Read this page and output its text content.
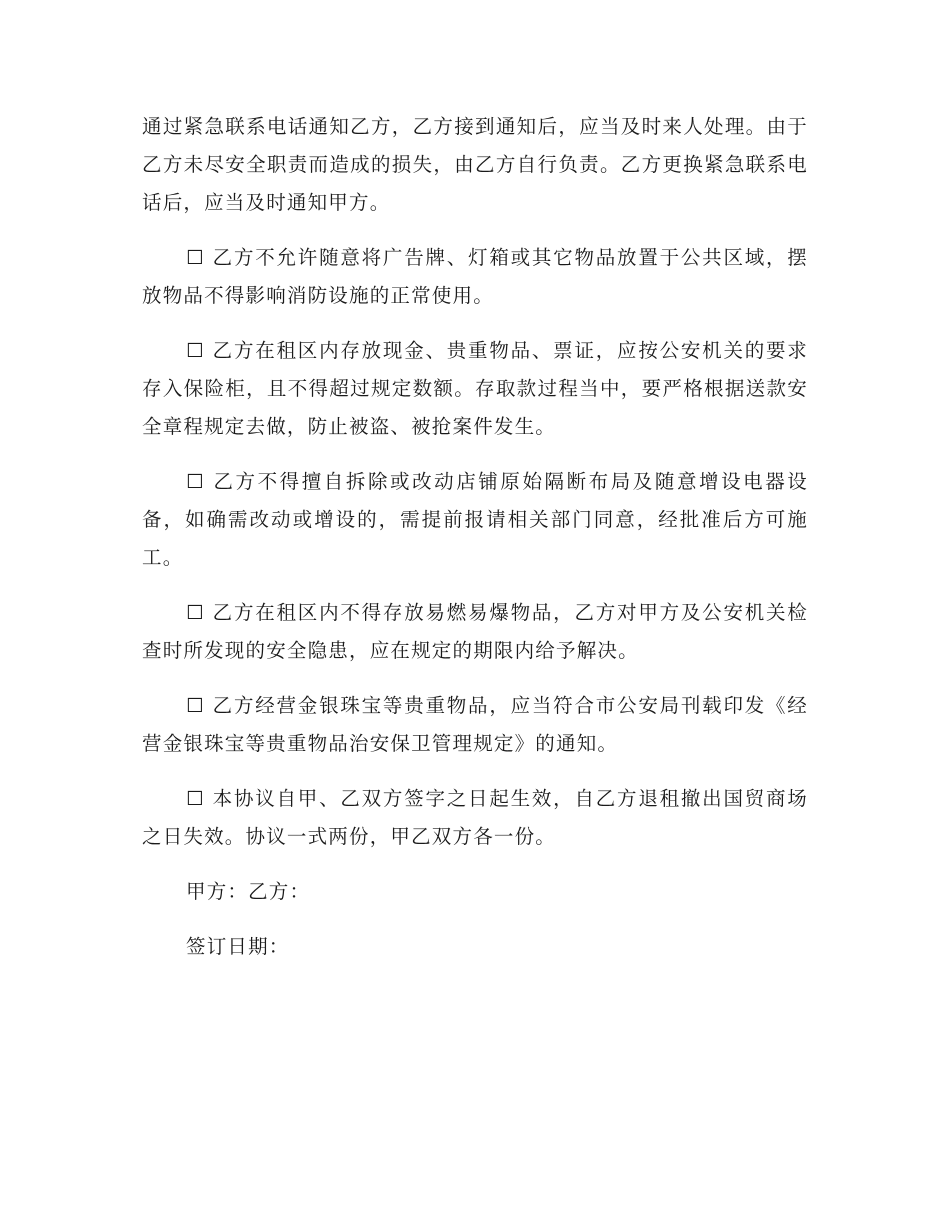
通过紧急联系电话通知乙方，乙方接到通知后，应当及时来人处理。由于乙方未尽安全职责而造成的损失，由乙方自行负责。乙方更换紧急联系电话后，应当及时通知甲方。

☐ 乙方不允许随意将广告牌、灯箱或其它物品放置于公共区域，摆放物品不得影响消防设施的正常使用。

☐ 乙方在租区内存放现金、贵重物品、票证，应按公安机关的要求存入保险柜，且不得超过规定数额。存取款过程当中，要严格根据送款安全章程规定去做，防止被盗、被抢案件发生。

☐ 乙方不得擅自拆除或改动店铺原始隔断布局及随意增设电器设备，如确需改动或增设的，需提前报请相关部门同意，经批准后方可施工。

☐ 乙方在租区内不得存放易燃易爆物品，乙方对甲方及公安机关检查时所发现的安全隐患，应在规定的期限内给予解决。

☐ 乙方经营金银珠宝等贵重物品，应当符合市公安局刊载印发《经营金银珠宝等贵重物品治安保卫管理规定》的通知。

☐ 本协议自甲、乙双方签字之日起生效，自乙方退租撤出国贸商场之日失效。协议一式两份，甲乙双方各一份。

甲方：乙方：

签订日期：
